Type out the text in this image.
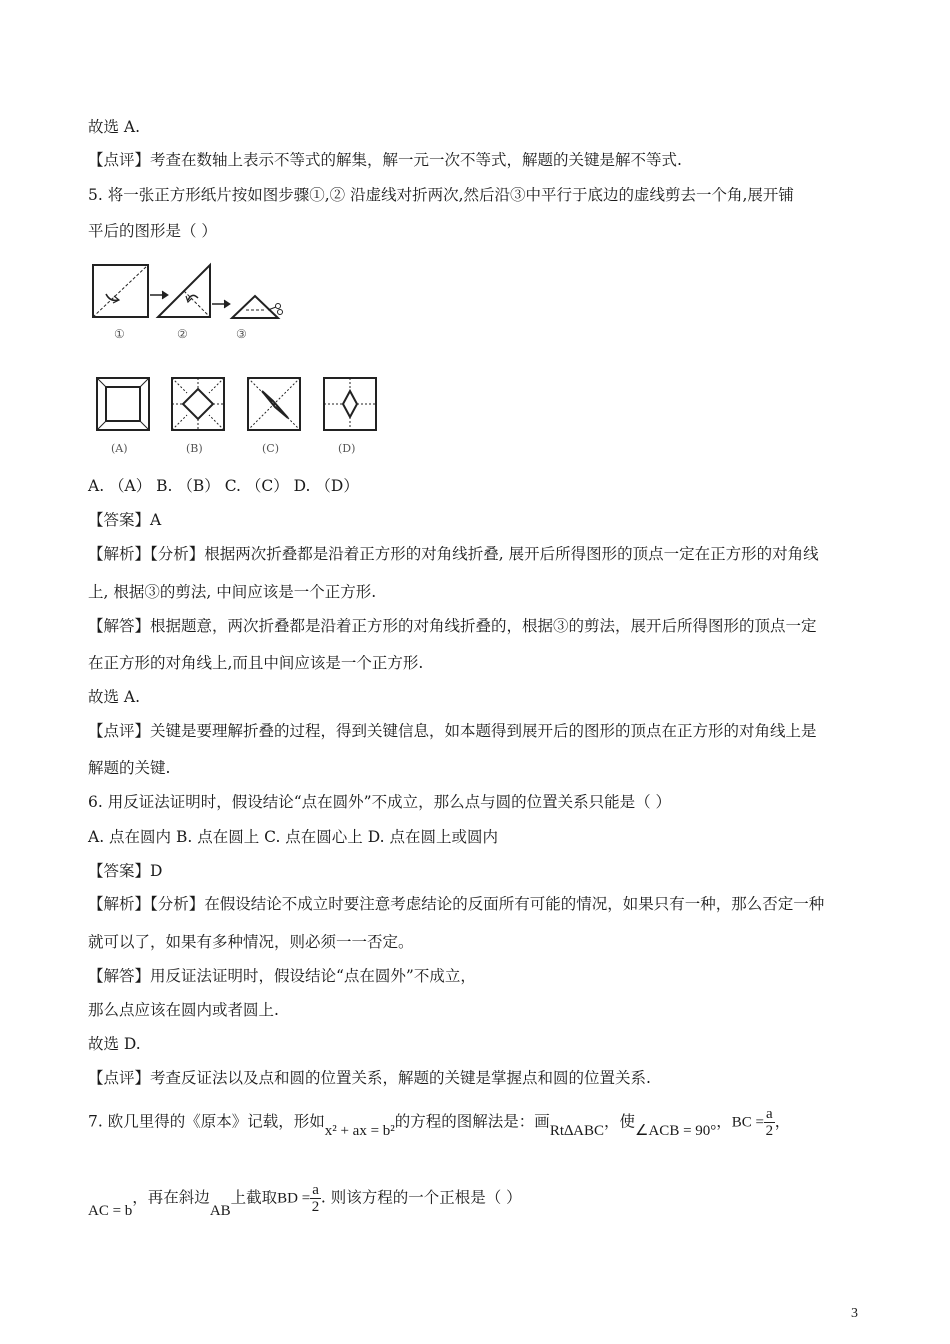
故选 A.
【点评】考查在数轴上表示不等式的解集，解一元一次不等式，解题的关键是解不等式.
5. 将一张正方形纸片按如图步骤①,② 沿虚线对折两次,然后沿③中平行于底边的虚线剪去一个角,展开铺
平后的图形是（ ）
①	②	③
(A)	(B)	(C)	(D)
A. （A） B. （B） C. （C） D. （D）
【答案】A
【解析】【分析】根据两次折叠都是沿着正方形的对角线折叠, 展开后所得图形的顶点一定在正方形的对角线
上, 根据③的剪法, 中间应该是一个正方形.
【解答】根据题意，两次折叠都是沿着正方形的对角线折叠的，根据③的剪法，展开后所得图形的顶点一定
在正方形的对角线上,而且中间应该是一个正方形.
故选 A.
【点评】关键是要理解折叠的过程，得到关键信息，如本题得到展开后的图形的顶点在正方形的对角线上是
解题的关键.
6. 用反证法证明时，假设结论“点在圆外”不成立，那么点与圆的位置关系只能是（ ）
A. 点在圆内 B. 点在圆上 C. 点在圆心上 D. 点在圆上或圆内
【答案】D
【解析】【分析】在假设结论不成立时要注意考虑结论的反面所有可能的情况，如果只有一种，那么否定一种
就可以了，如果有多种情况，则必须一一否定。
【解答】用反证法证明时，假设结论“点在圆外”不成立，
那么点应该在圆内或者圆上.
故选 D.
【点评】考查反证法以及点和圆的位置关系，解题的关键是掌握点和圆的位置关系.
7. 欧几里得的《原本》记载，形如x² + ax = b²的方程的图解法是：画Rt∆ABC，使∠ACB = 90°，BC = $\frac{a}{2}$ ，
AC = b，再在斜边AB上截取BD = $\frac{a}{2}$ . 则该方程的一个正根是（ ）
3
